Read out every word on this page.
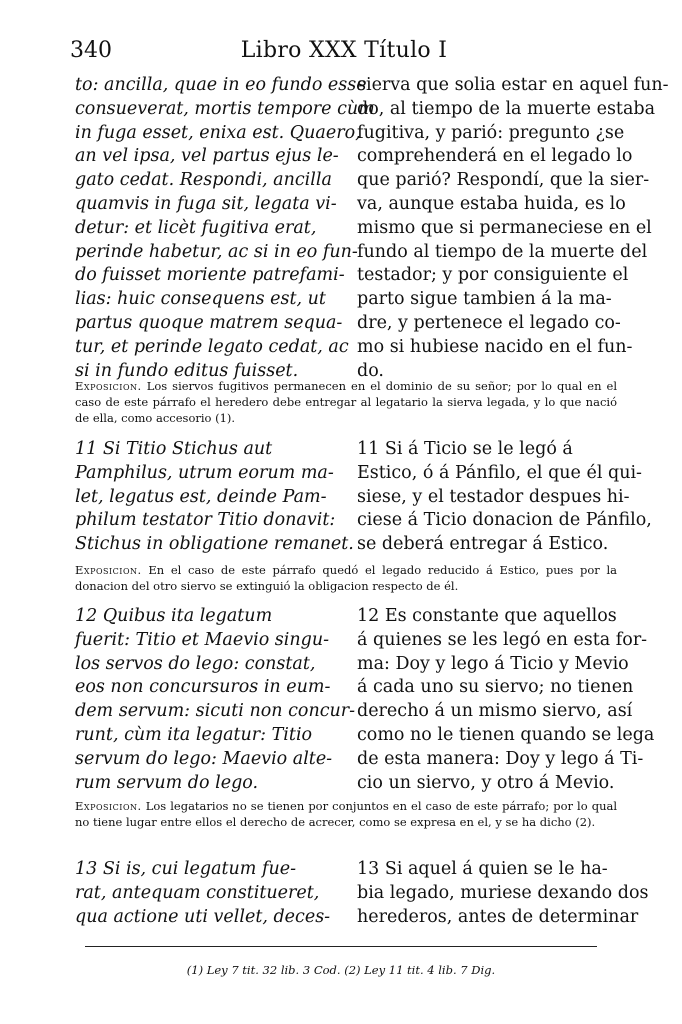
340	Libro XXX Título I
to: ancilla, quae in eo fundo esse
consueverat, mortis tempore cùm
in fuga esset, enixa est. Quaero,
an vel ipsa, vel partus ejus le-
gato cedat. Respondi, ancilla
quamvis in fuga sit, legata vi-
detur: et licèt fugitiva erat,
perinde habetur, ac si in eo fun-
do fuisset moriente patrefami-
lias: huic consequens est, ut
partus quoque matrem sequa-
tur, et perinde legato cedat, ac
si in fundo editus fuisset.
sierva que solia estar en aquel fun-
do, al tiempo de la muerte estaba
fugitiva, y parió: pregunto ¿se
comprehenderá en el legado lo
que parió? Respondí, que la sier-
va, aunque estaba huida, es lo
mismo que si permaneciese en el
fundo al tiempo de la muerte del
testador; y por consiguiente el
parto sigue tambien á la ma-
dre, y pertenece el legado co-
mo si hubiese nacido en el fun-
do.
Exposicion. Los siervos fugitivos permanecen en el dominio de su señor; por lo qual en el caso de este párrafo el heredero debe entregar al legatario la sierva legada, y lo que nació de ella, como accesorio (1).
11 Si Titio Stichus aut
Pamphilus, utrum eorum ma-
let, legatus est, deinde Pam-
philum testator Titio donavit:
Stichus in obligatione remanet.
11 Si á Ticio se le legó á
Estico, ó á Pánfilo, el que él qui-
siese, y el testador despues hi-
ciese á Ticio donacion de Pánfilo,
se deberá entregar á Estico.
Exposicion. En el caso de este párrafo quedó el legado reducido á Estico, pues por la donacion del otro siervo se extinguió la obligacion respecto de él.
12 Quibus ita legatum
fuerit: Titio et Maevio singu-
los servos do lego: constat,
eos non concursuros in eum-
dem servum: sicuti non concur-
runt, cùm ita legatur: Titio
servum do lego: Maevio alte-
rum servum do lego.
12 Es constante que aquellos
á quienes se les legó en esta for-
ma: Doy y lego á Ticio y Mevio
á cada uno su siervo; no tienen
derecho á un mismo siervo, así
como no le tienen quando se lega
de esta manera: Doy y lego á Ti-
cio un siervo, y otro á Mevio.
Exposicion. Los legatarios no se tienen por conjuntos en el caso de este párrafo; por lo qual no tiene lugar entre ellos el derecho de acrecer, como se expresa en el, y se ha dicho (2).
13 Si is, cui legatum fue-
rat, antequam constitueret,
qua actione uti vellet, deces-
13 Si aquel á quien se le ha-
bia legado, muriese dexando dos
herederos, antes de determinar
(1) Ley 7 tit. 32 lib. 3 Cod. (2) Ley 11 tit. 4 lib. 7 Dig.
